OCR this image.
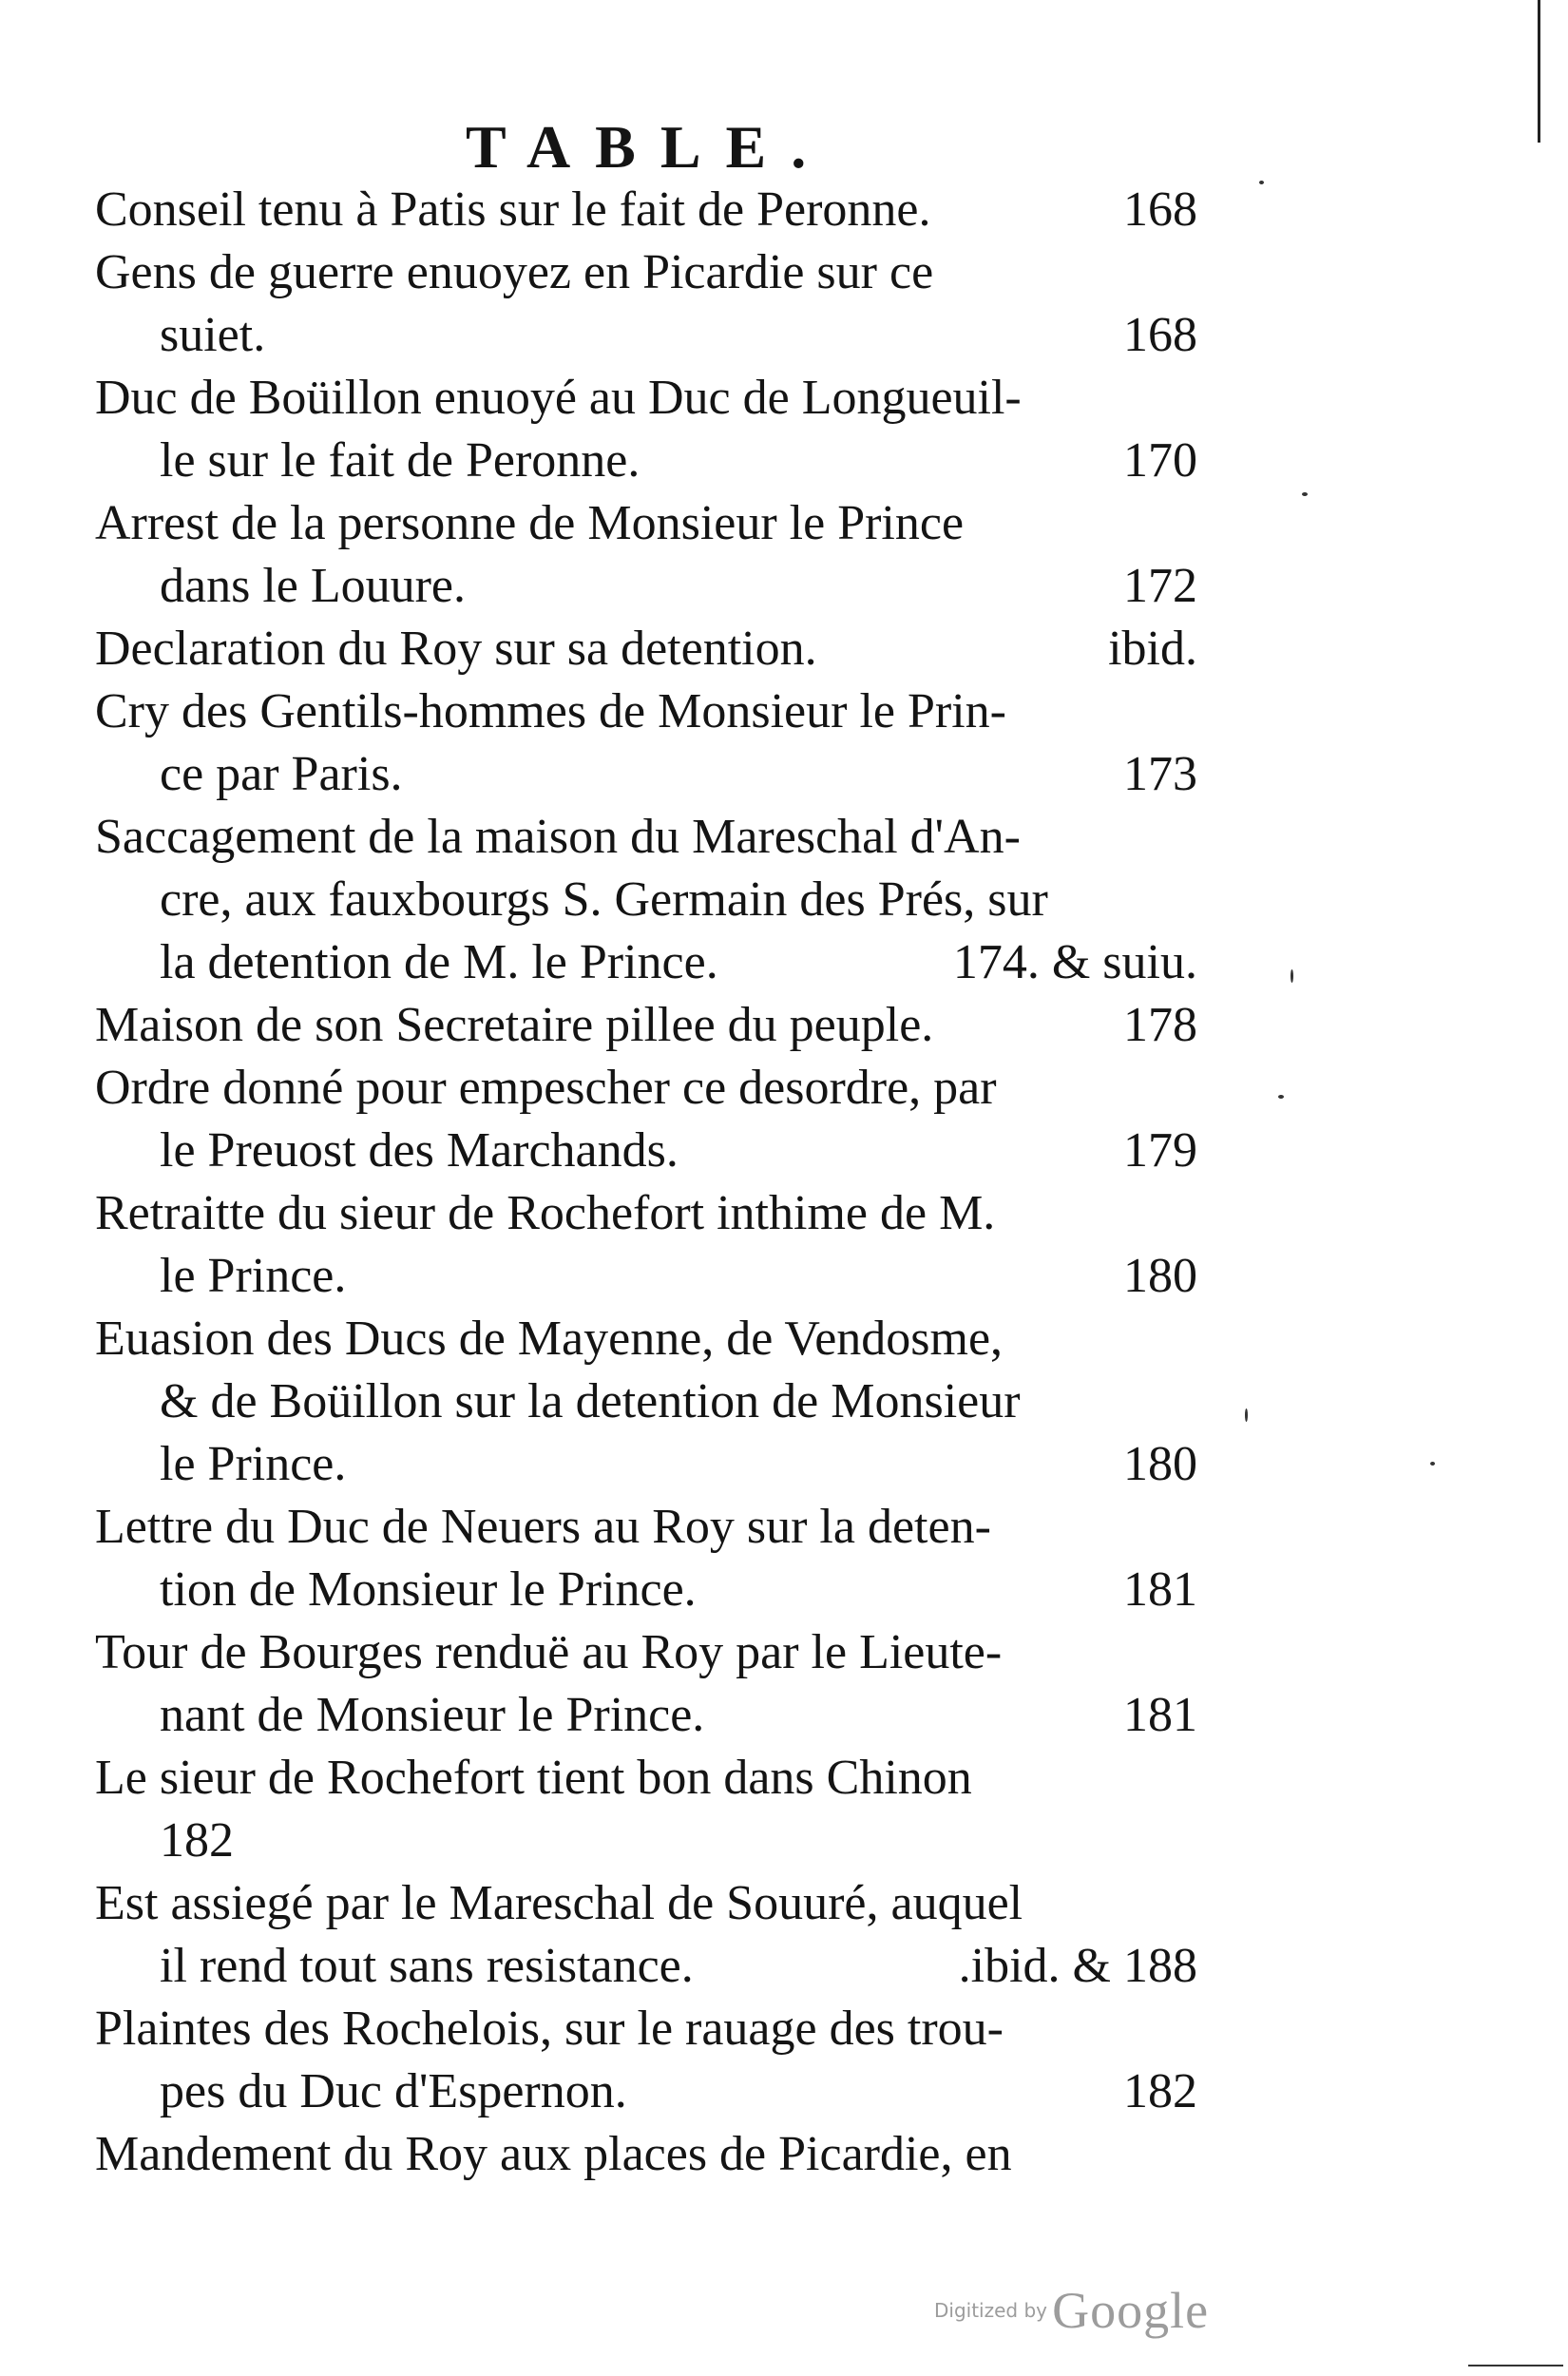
TABLE.
Conseil tenu à Patis sur le fait de Peronne.	168
Gens de guerre enuoyez en Picardie sur ce
suiet.	168
Duc de Boüillon enuoyé au Duc de Longueuil-
le sur le fait de Peronne.	170
Arrest de la personne de Monsieur le Prince
dans le Louure.	172
Declaration du Roy sur sa detention.	ibid.
Cry des Gentils-hommes de Monsieur le Prin-
ce par Paris.	173
Saccagement de la maison du Mareschal d'An-
cre, aux fauxbourgs S. Germain des Prés, sur
la detention de M. le Prince.	174. & suiu.
Maison de son Secretaire pillee du peuple.	178
Ordre donné pour empescher ce desordre, par
le Preuost des Marchands.	179
Retraitte du sieur de Rochefort inthime de M.
le Prince.	180
Euasion des Ducs de Mayenne, de Vendosme,
& de Boüillon sur la detention de Monsieur
le Prince.	180
Lettre du Duc de Neuers au Roy sur la deten-
tion de Monsieur le Prince.	181
Tour de Bourges renduë au Roy par le Lieute-
nant de Monsieur le Prince.	181
Le sieur de Rochefort tient bon dans Chinon
182
Est assiegé par le Mareschal de Souuré, auquel
il rend tout sans resistance.	.ibid. & 188
Plaintes des Rochelois, sur le rauage des trou-
pes du Duc d'Espernon.	182
Mandement du Roy aux places de Picardie, en
Digitized by Google
